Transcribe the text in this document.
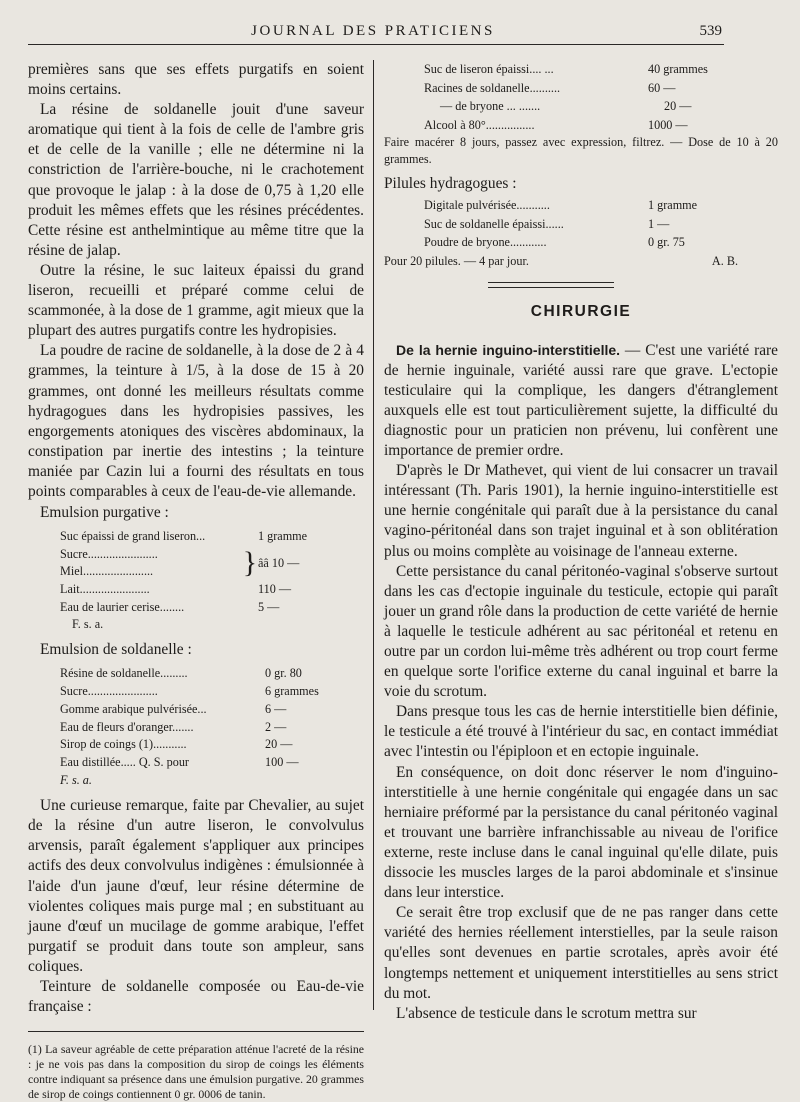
JOURNAL DES PRATICIENS	539

premières sans que ses effets purgatifs en soient moins certains.

La résine de soldanelle jouit d'une saveur aromatique qui tient à la fois de celle de l'ambre gris et de celle de la vanille ; elle ne détermine ni la constriction de l'arrière-bouche, ni le crachotement que provoque le jalap : à la dose de 0,75 à 1,20 elle produit les mêmes effets que les résines précédentes. Cette résine est anthelmintique au même titre que la résine de jalap.

Outre la résine, le suc laiteux épaissi du grand liseron, recueilli et préparé comme celui de scammonée, à la dose de 1 gramme, agit mieux que la plupart des autres purgatifs contre les hydropisies.

La poudre de racine de soldanelle, à la dose de 2 à 4 grammes, la teinture à 1/5, à la dose de 15 à 20 grammes, ont donné les meilleurs résultats comme hydragogues dans les hydropisies passives, les engorgements atoniques des viscères abdominaux, la constipation par inertie des intestins ; la teinture maniée par Cazin lui a fourni des résultats en tous points comparables à ceux de l'eau-de-vie allemande.

Emulsion purgative :

Suc épaissi de grand liseron...	1 gramme
Sucre.......................
Miel.......................	} ââ 10 —
Lait.......................	110 —
Eau de laurier cerise........	5 —
F. s. a.

Emulsion de soldanelle :

Résine de soldanelle.........	0 gr. 80
Sucre.......................	6 grammes
Gomme arabique pulvérisée...	6 —
Eau de fleurs d'oranger.......	2 —
Sirop de coings (1)...........	20 —
Eau distillée..... Q. S. pour	100 —
F. s. a.

Une curieuse remarque, faite par Chevalier, au sujet de la résine d'un autre liseron, le convolvulus arvensis, paraît également s'appliquer aux principes actifs des deux convolvulus indigènes : émulsionnée à l'aide d'un jaune d'œuf, leur résine détermine de violentes coliques mais purge mal ; en substituant au jaune d'œuf un mucilage de gomme arabique, l'effet purgatif se produit dans toute son ampleur, sans coliques.

Teinture de soldanelle composée ou Eau-de-vie française :

(1) La saveur agréable de cette préparation atténue l'acreté de la résine : je ne vois pas dans la composition du sirop de coings les éléments contre indiquant sa présence dans une émulsion purgative. 20 grammes de sirop de coings contiennent 0 gr. 0006 de tanin.
Suc de liseron épaissi.... ...	40 grammes
Racines de soldanelle..........	60 —
— de bryone ... .......	20 —
Alcool à 80°................	1000 —

Faire macérer 8 jours, passez avec expression, filtrez. — Dose de 10 à 20 grammes.

Pilules hydragogues :
Digitale pulvérisée...........	1 gramme
Suc de soldanelle épaissi......	1 —
Poudre de bryone............	0 gr. 75
Pour 20 pilules. — 4 par jour.	A. B.
CHIRURGIE

De la hernie inguino-interstitielle. — C'est une variété rare de hernie inguinale, variété aussi rare que grave. L'ectopie testiculaire qui la complique, les dangers d'étranglement auxquels elle est tout particulièrement sujette, la difficulté du diagnostic pour un praticien non prévenu, lui confèrent une importance de premier ordre.

D'après le Dr Mathevet, qui vient de lui consacrer un travail intéressant (Th. Paris 1901), la hernie inguino-interstitielle est une hernie congénitale qui paraît due à la persistance du canal vagino-péritonéal dans son trajet inguinal et à son oblitération plus ou moins complète au voisinage de l'anneau externe.

Cette persistance du canal péritonéo-vaginal s'observe surtout dans les cas d'ectopie inguinale du testicule, ectopie qui paraît jouer un grand rôle dans la production de cette variété de hernie à laquelle le testicule adhérent au sac péritonéal et retenu en outre par un cordon lui-même très adhérent ou trop court ferme en quelque sorte l'orifice externe du canal inguinal et barre la voie du scrotum.

Dans presque tous les cas de hernie interstitielle bien définie, le testicule a été trouvé à l'intérieur du sac, en contact immédiat avec l'intestin ou l'épiploon et en ectopie inguinale.

En conséquence, on doit donc réserver le nom d'inguino-interstitielle à une hernie congénitale qui engagée dans un sac herniaire préformé par la persistance du canal péritonéo vaginal et trouvant une barrière infranchissable au niveau de l'orifice externe, reste incluse dans le canal inguinal qu'elle dilate, puis dissocie les muscles larges de la paroi abdominale et s'insinue dans leur interstice.

Ce serait être trop exclusif que de ne pas ranger dans cette variété des hernies réellement interstielles, par la seule raison qu'elles sont devenues en partie scrotales, après avoir été longtemps nettement et uniquement interstitielles au sens strict du mot.

L'absence de testicule dans le scrotum mettra sur
